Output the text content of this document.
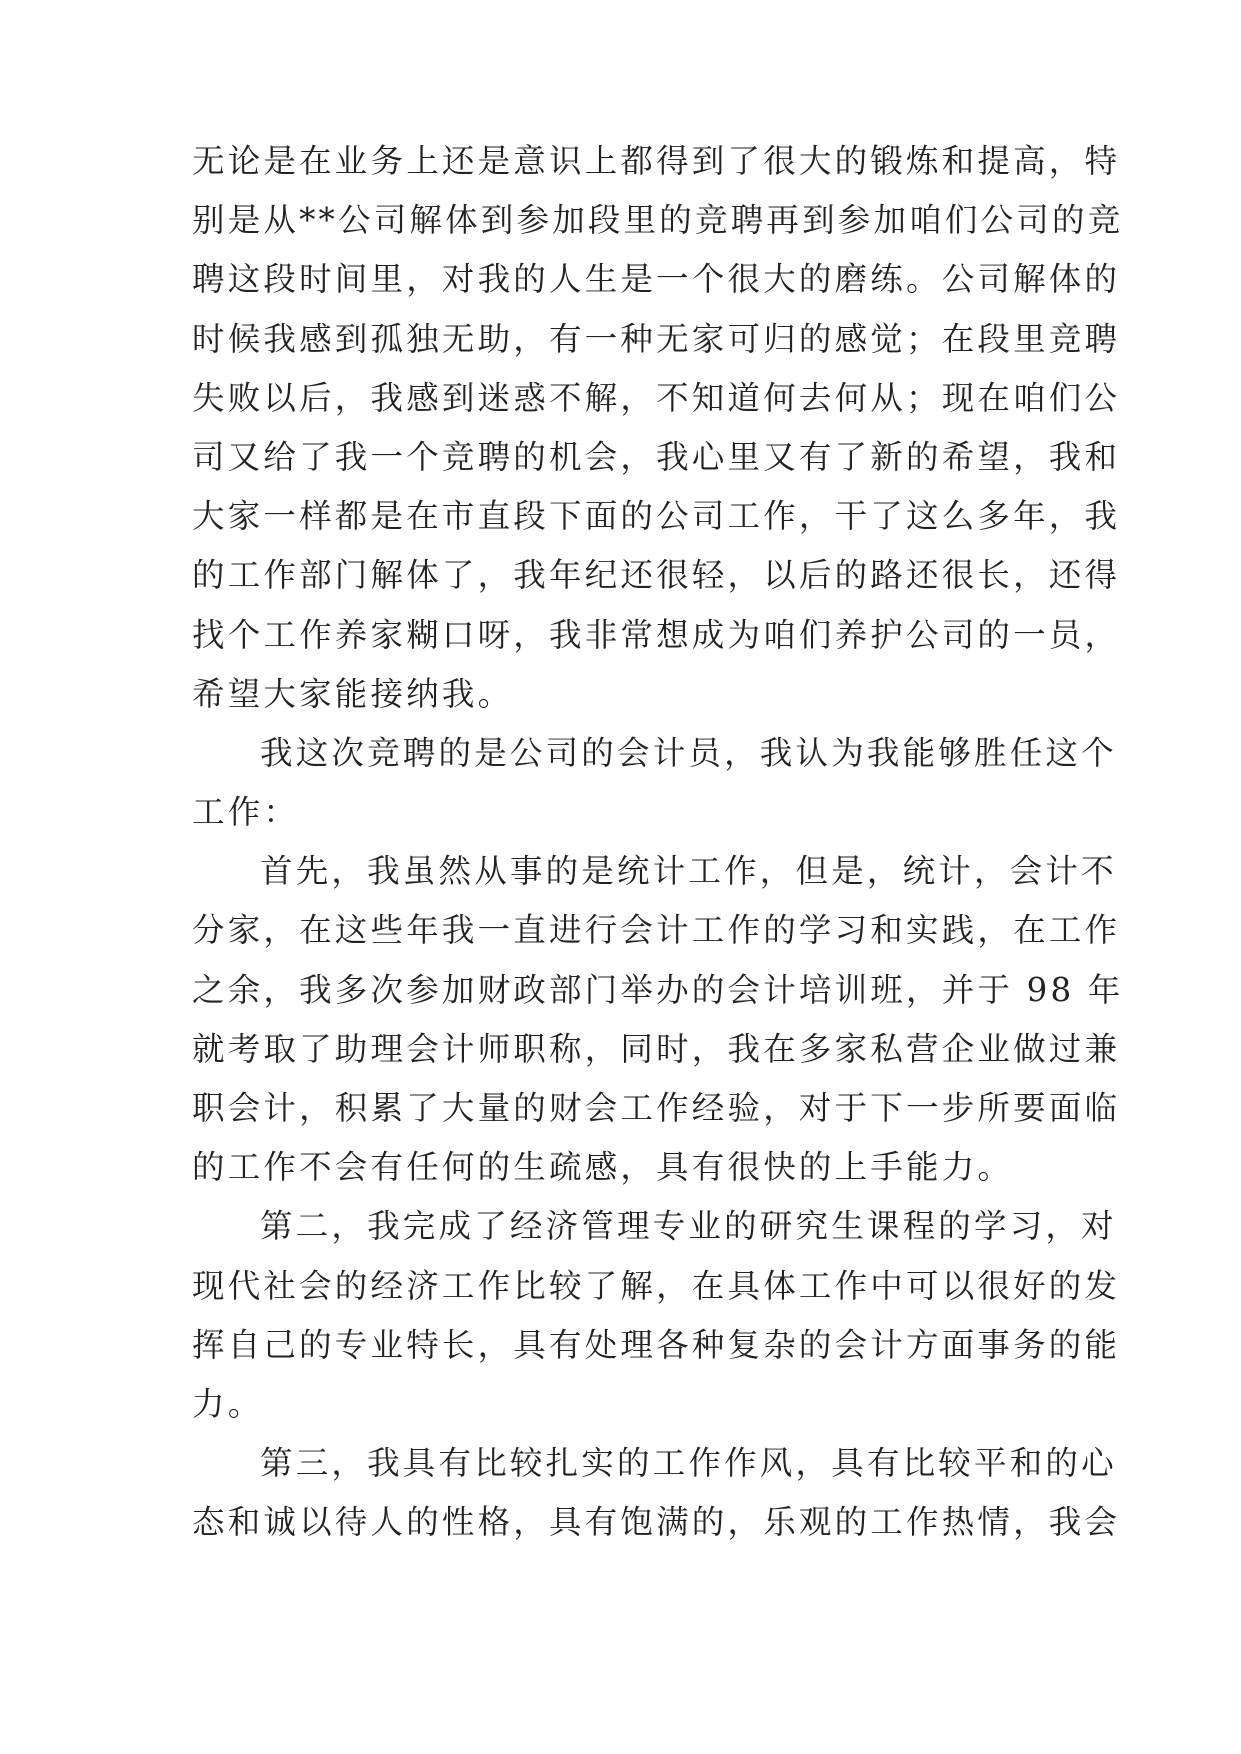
无论是在业务上还是意识上都得到了很大的锻炼和提高，特
别是从**公司解体到参加段里的竞聘再到参加咱们公司的竞
聘这段时间里，对我的人生是一个很大的磨练。公司解体的
时候我感到孤独无助，有一种无家可归的感觉；在段里竞聘
失败以后，我感到迷惑不解，不知道何去何从；现在咱们公
司又给了我一个竞聘的机会，我心里又有了新的希望，我和
大家一样都是在市直段下面的公司工作，干了这么多年，我
的工作部门解体了，我年纪还很轻，以后的路还很长，还得
找个工作养家糊口呀，我非常想成为咱们养护公司的一员，
希望大家能接纳我。
我这次竞聘的是公司的会计员，我认为我能够胜任这个
工作：
首先，我虽然从事的是统计工作，但是，统计，会计不
分家，在这些年我一直进行会计工作的学习和实践，在工作
之余，我多次参加财政部门举办的会计培训班，并于 98 年
就考取了助理会计师职称，同时，我在多家私营企业做过兼
职会计，积累了大量的财会工作经验，对于下一步所要面临
的工作不会有任何的生疏感，具有很快的上手能力。
第二，我完成了经济管理专业的研究生课程的学习，对
现代社会的经济工作比较了解，在具体工作中可以很好的发
挥自己的专业特长，具有处理各种复杂的会计方面事务的能
力。
第三，我具有比较扎实的工作作风，具有比较平和的心
态和诚以待人的性格，具有饱满的，乐观的工作热情，我会
